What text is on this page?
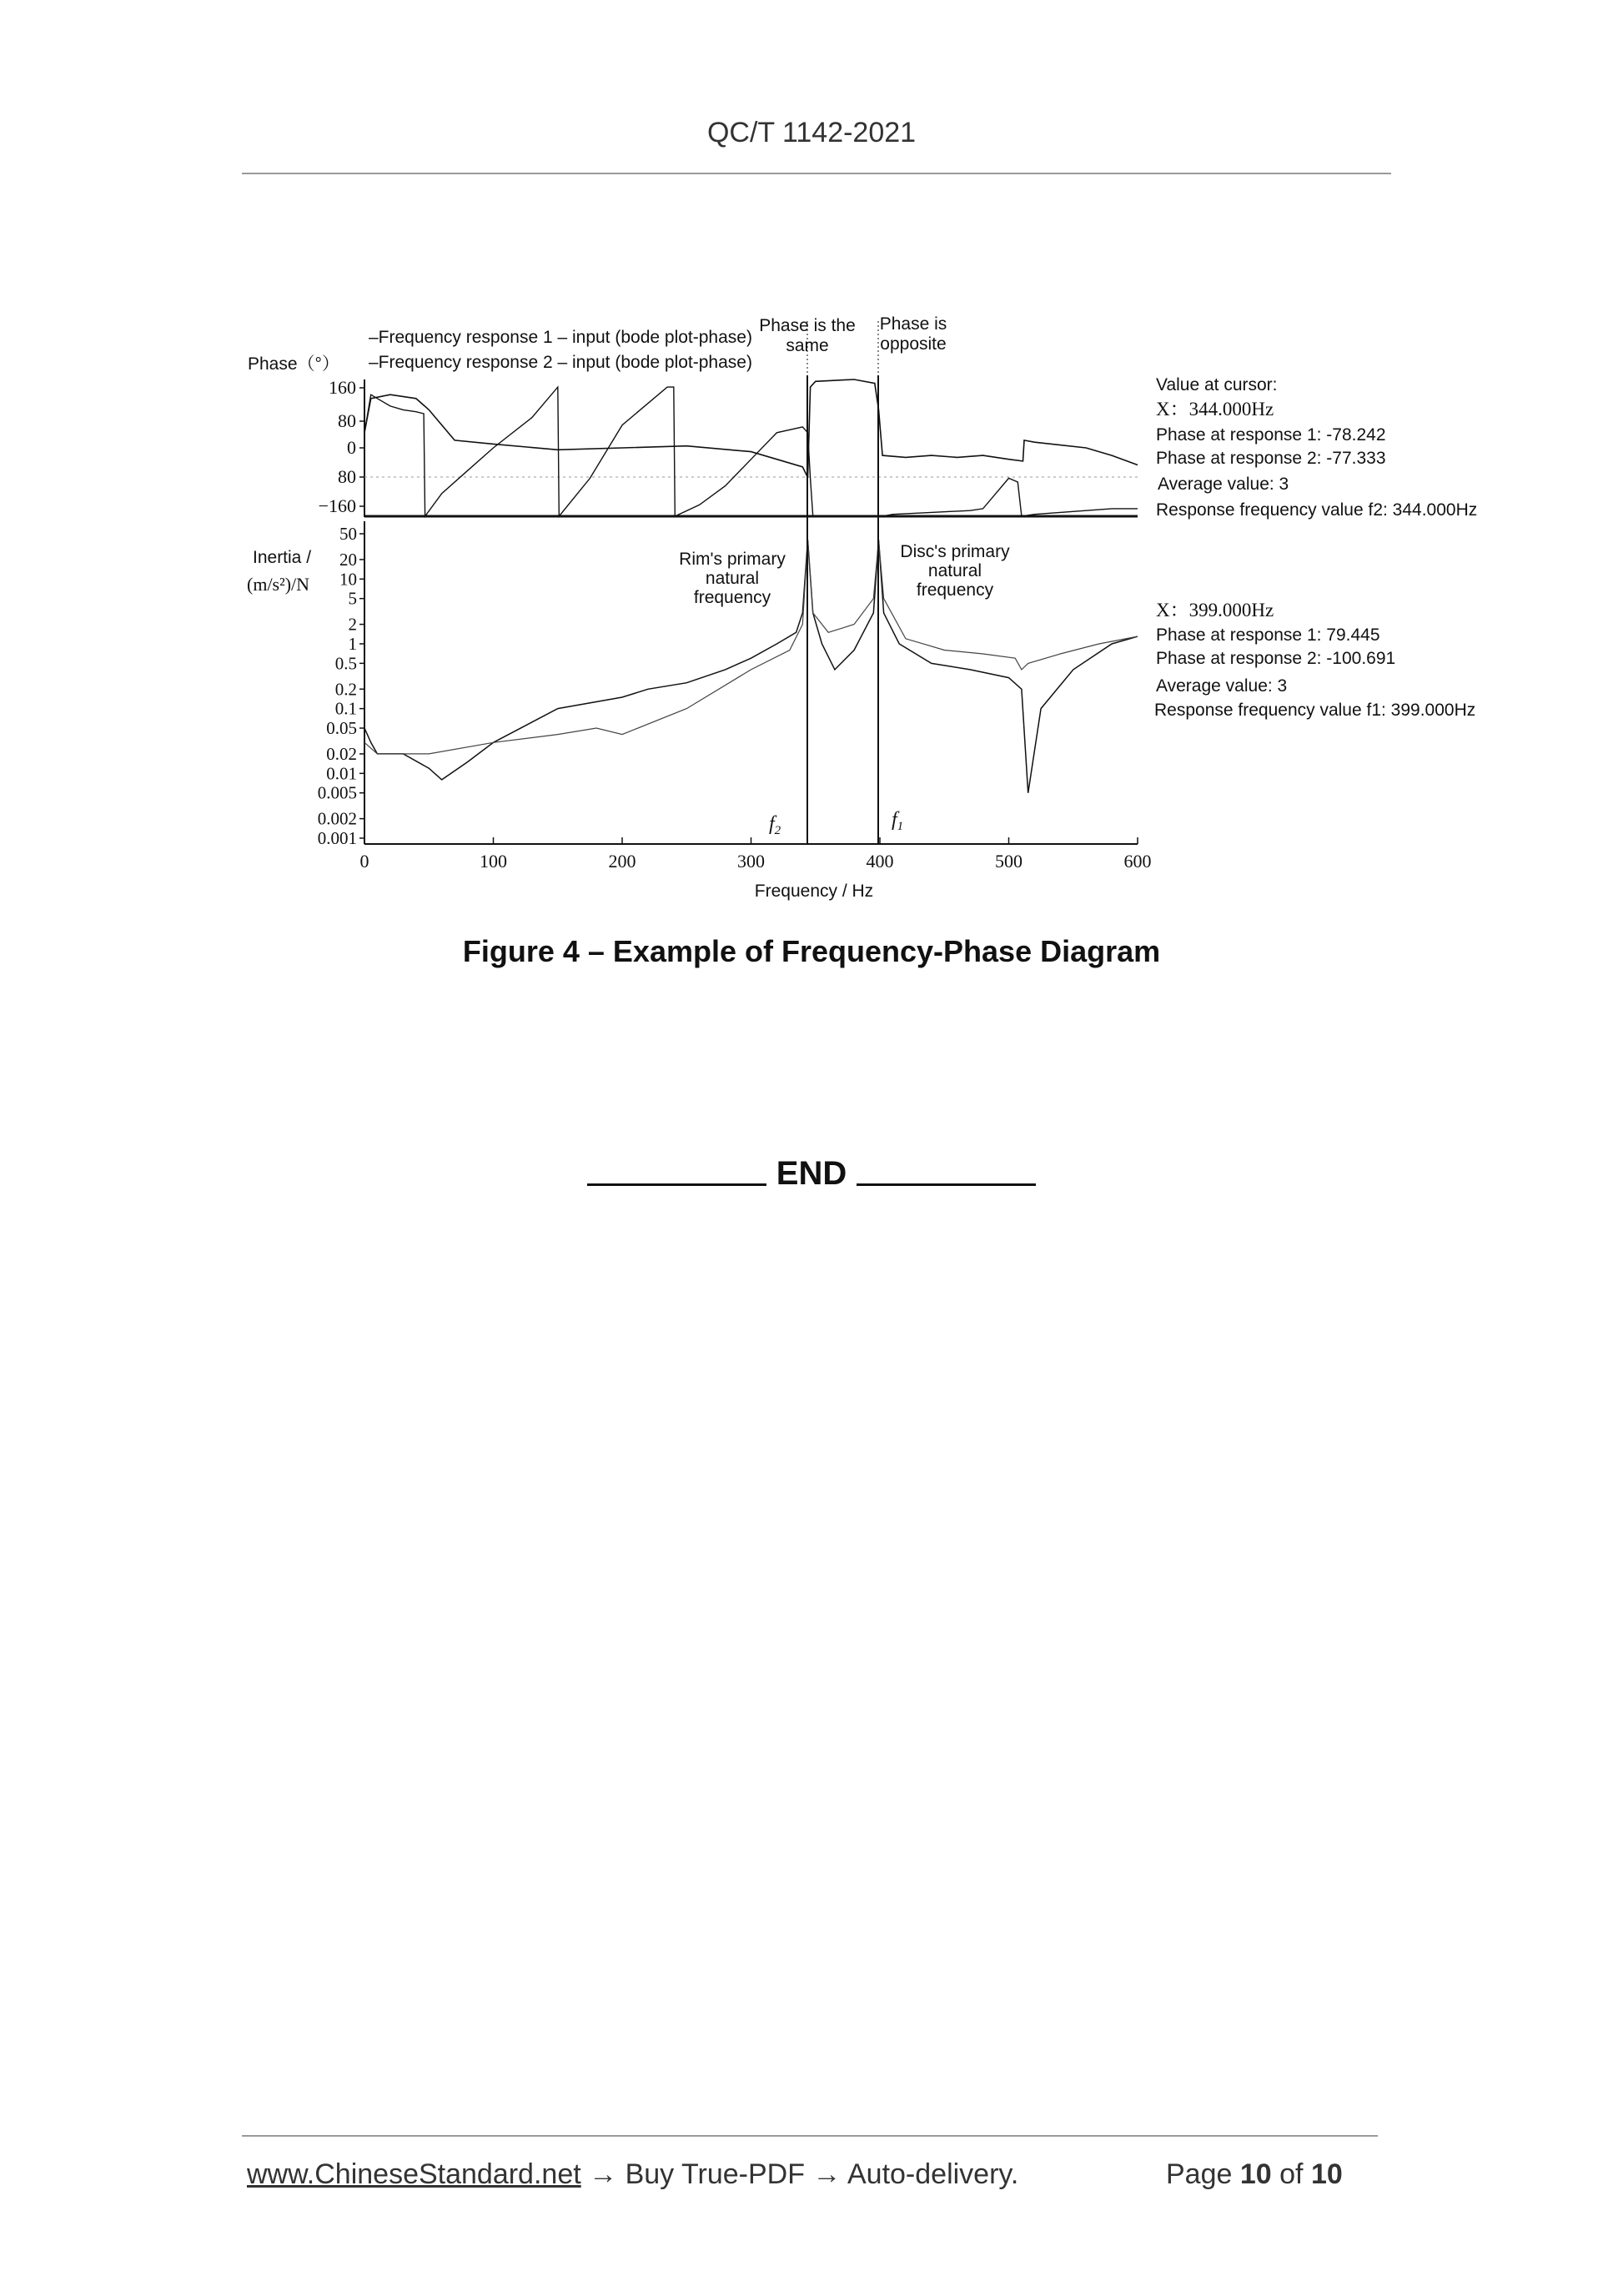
QC/T 1142-2021
–Frequency response 1 – input (bode plot-phase)
–Frequency response 2 – input (bode plot-phase)
Phase is the
same
Phase is
opposite
Phase（°）
160
80
0
80
−160
Inertia /
(m/s²)/N
50
20
10
5
2
1
0.5
0.2
0.1
0.05
0.02
0.01
0.005
0.002
0.001
0	100	200	300	400	500	600
Rim's primary
natural
frequency
Disc's primary
natural
frequency
$f_2$	$f_1$
Frequency / Hz
Value at cursor:
X：344.000Hz
Phase at response 1: -78.242
Phase at response 2: -77.333
Average value: 3
Response frequency value f2: 344.000Hz
X：399.000Hz
Phase at response 1: 79.445
Phase at response 2: -100.691
Average value: 3
Response frequency value f1: 399.000Hz
Figure 4 – Example of Frequency-Phase Diagram
END
www.ChineseStandard.net → Buy True-PDF → Auto-delivery.	Page 10 of 10
